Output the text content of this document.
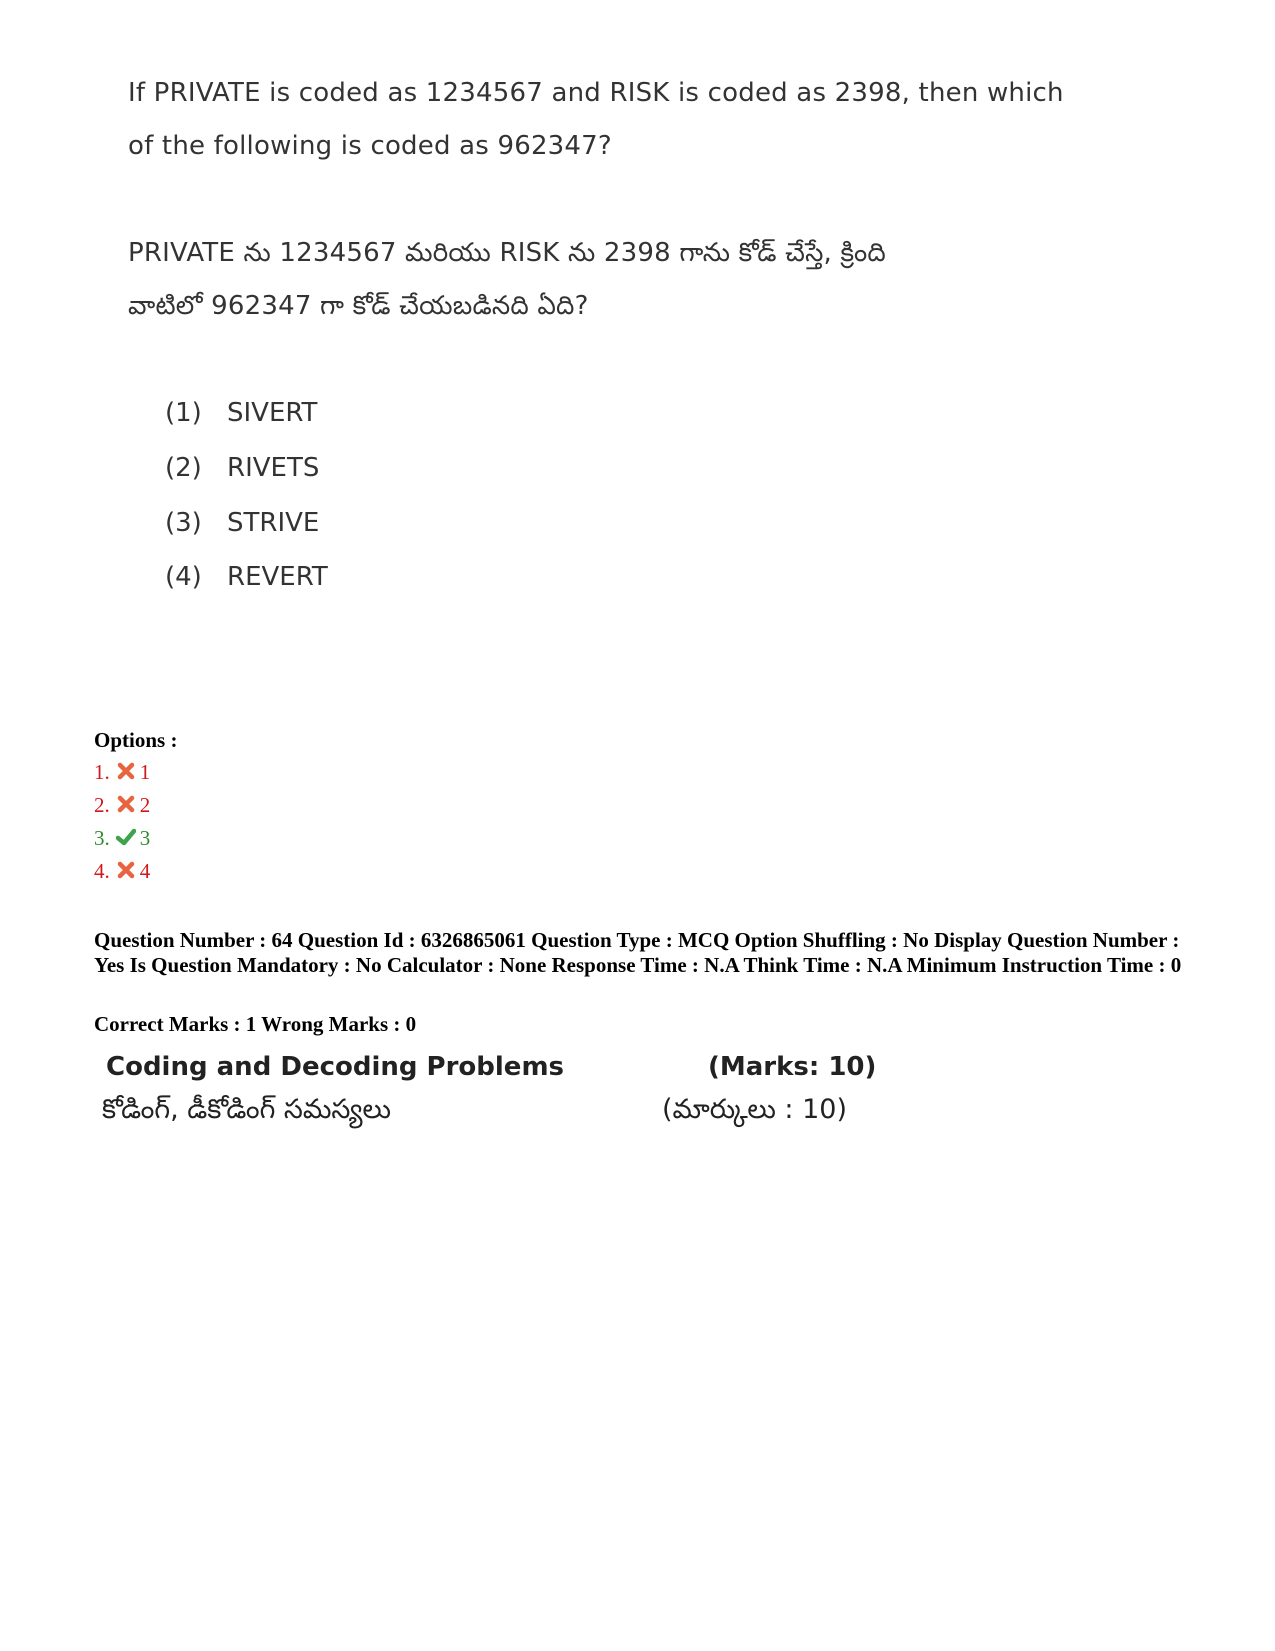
If PRIVATE is coded as 1234567 and RISK is coded as 2398, then which
of the following is coded as 962347?
PRIVATE ను 1234567 మరియు RISK ను 2398 గాను కోడ్ చేస్తే, క్రింది
వాటిలో 962347 గా కోడ్ చేయబడినది ఏది?
(1) SIVERT
(2) RIVETS
(3) STRIVE
(4) REVERT
Options :
1. 1
2. 2
3. 3
4. 4
Question Number : 64 Question Id : 6326865061 Question Type : MCQ Option Shuffling : No Display Question Number : Yes Is Question Mandatory : No Calculator : None Response Time : N.A Think Time : N.A Minimum Instruction Time : 0
Correct Marks : 1 Wrong Marks : 0
Coding and Decoding Problems	(Marks: 10)
కోడింగ్, డీకోడింగ్ సమస్యలు	(మార్కులు : 10)
